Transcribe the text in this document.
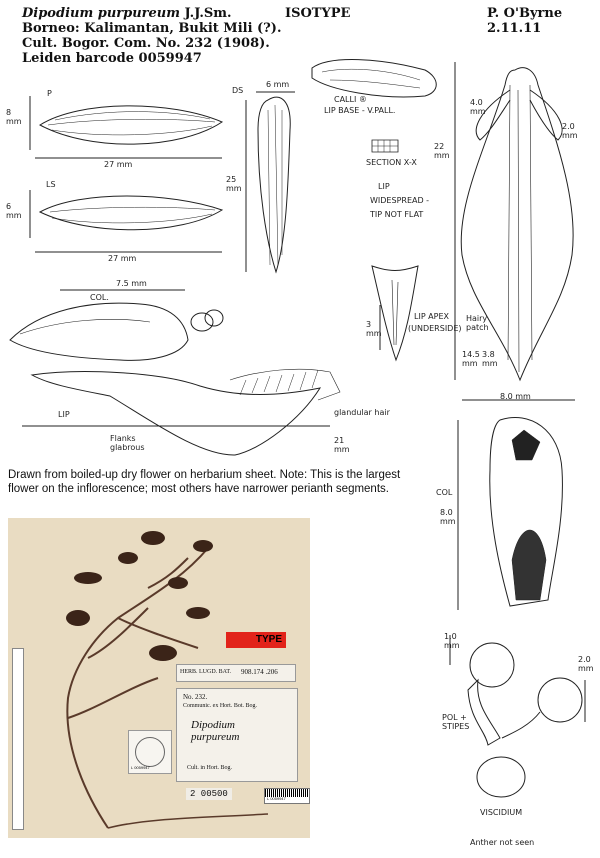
Dipodium purpureum J.J.Sm.
Borneo: Kalimantan, Bukit Mili (?).
Cult. Bogor. Com. No. 232 (1908).
Leiden barcode 0059947
ISOTYPE	P. O'Byrne
2.11.11
P
8 mm
27 mm
LS
6 mm
27 mm
DS
6 mm
25 mm
CALLI ®
LIP BASE - V.PALL.
SECTION X-X
LIP
WIDESPREAD -
TIP NOT FLAT
LIP APEX
(UNDERSIDE)
3 mm
7.5 mm
COL.
LIP
Flanks glabrous
glandular hair
21 mm
22 mm
4.0 mm
2.0 mm
Hairy patch
14.5 mm
3.8 mm
8.0 mm
COL
8.0 mm
1.0 mm
2.0 mm
POL + STIPES
VISCIDIUM
Anther not seen
Drawn from boiled-up dry flower on herbarium sheet. Note: This is the largest flower on the inflorescence; most others have narrower perianth segments.
TYPE
HERB. LUGD. BAT. 908.174 .206
No. 232.
Communic. ex Hort. Bot. Bog.
Dipodium purpureum
Cult. in Hort. Bog.
L 0059947
L 0059947
2 00500
